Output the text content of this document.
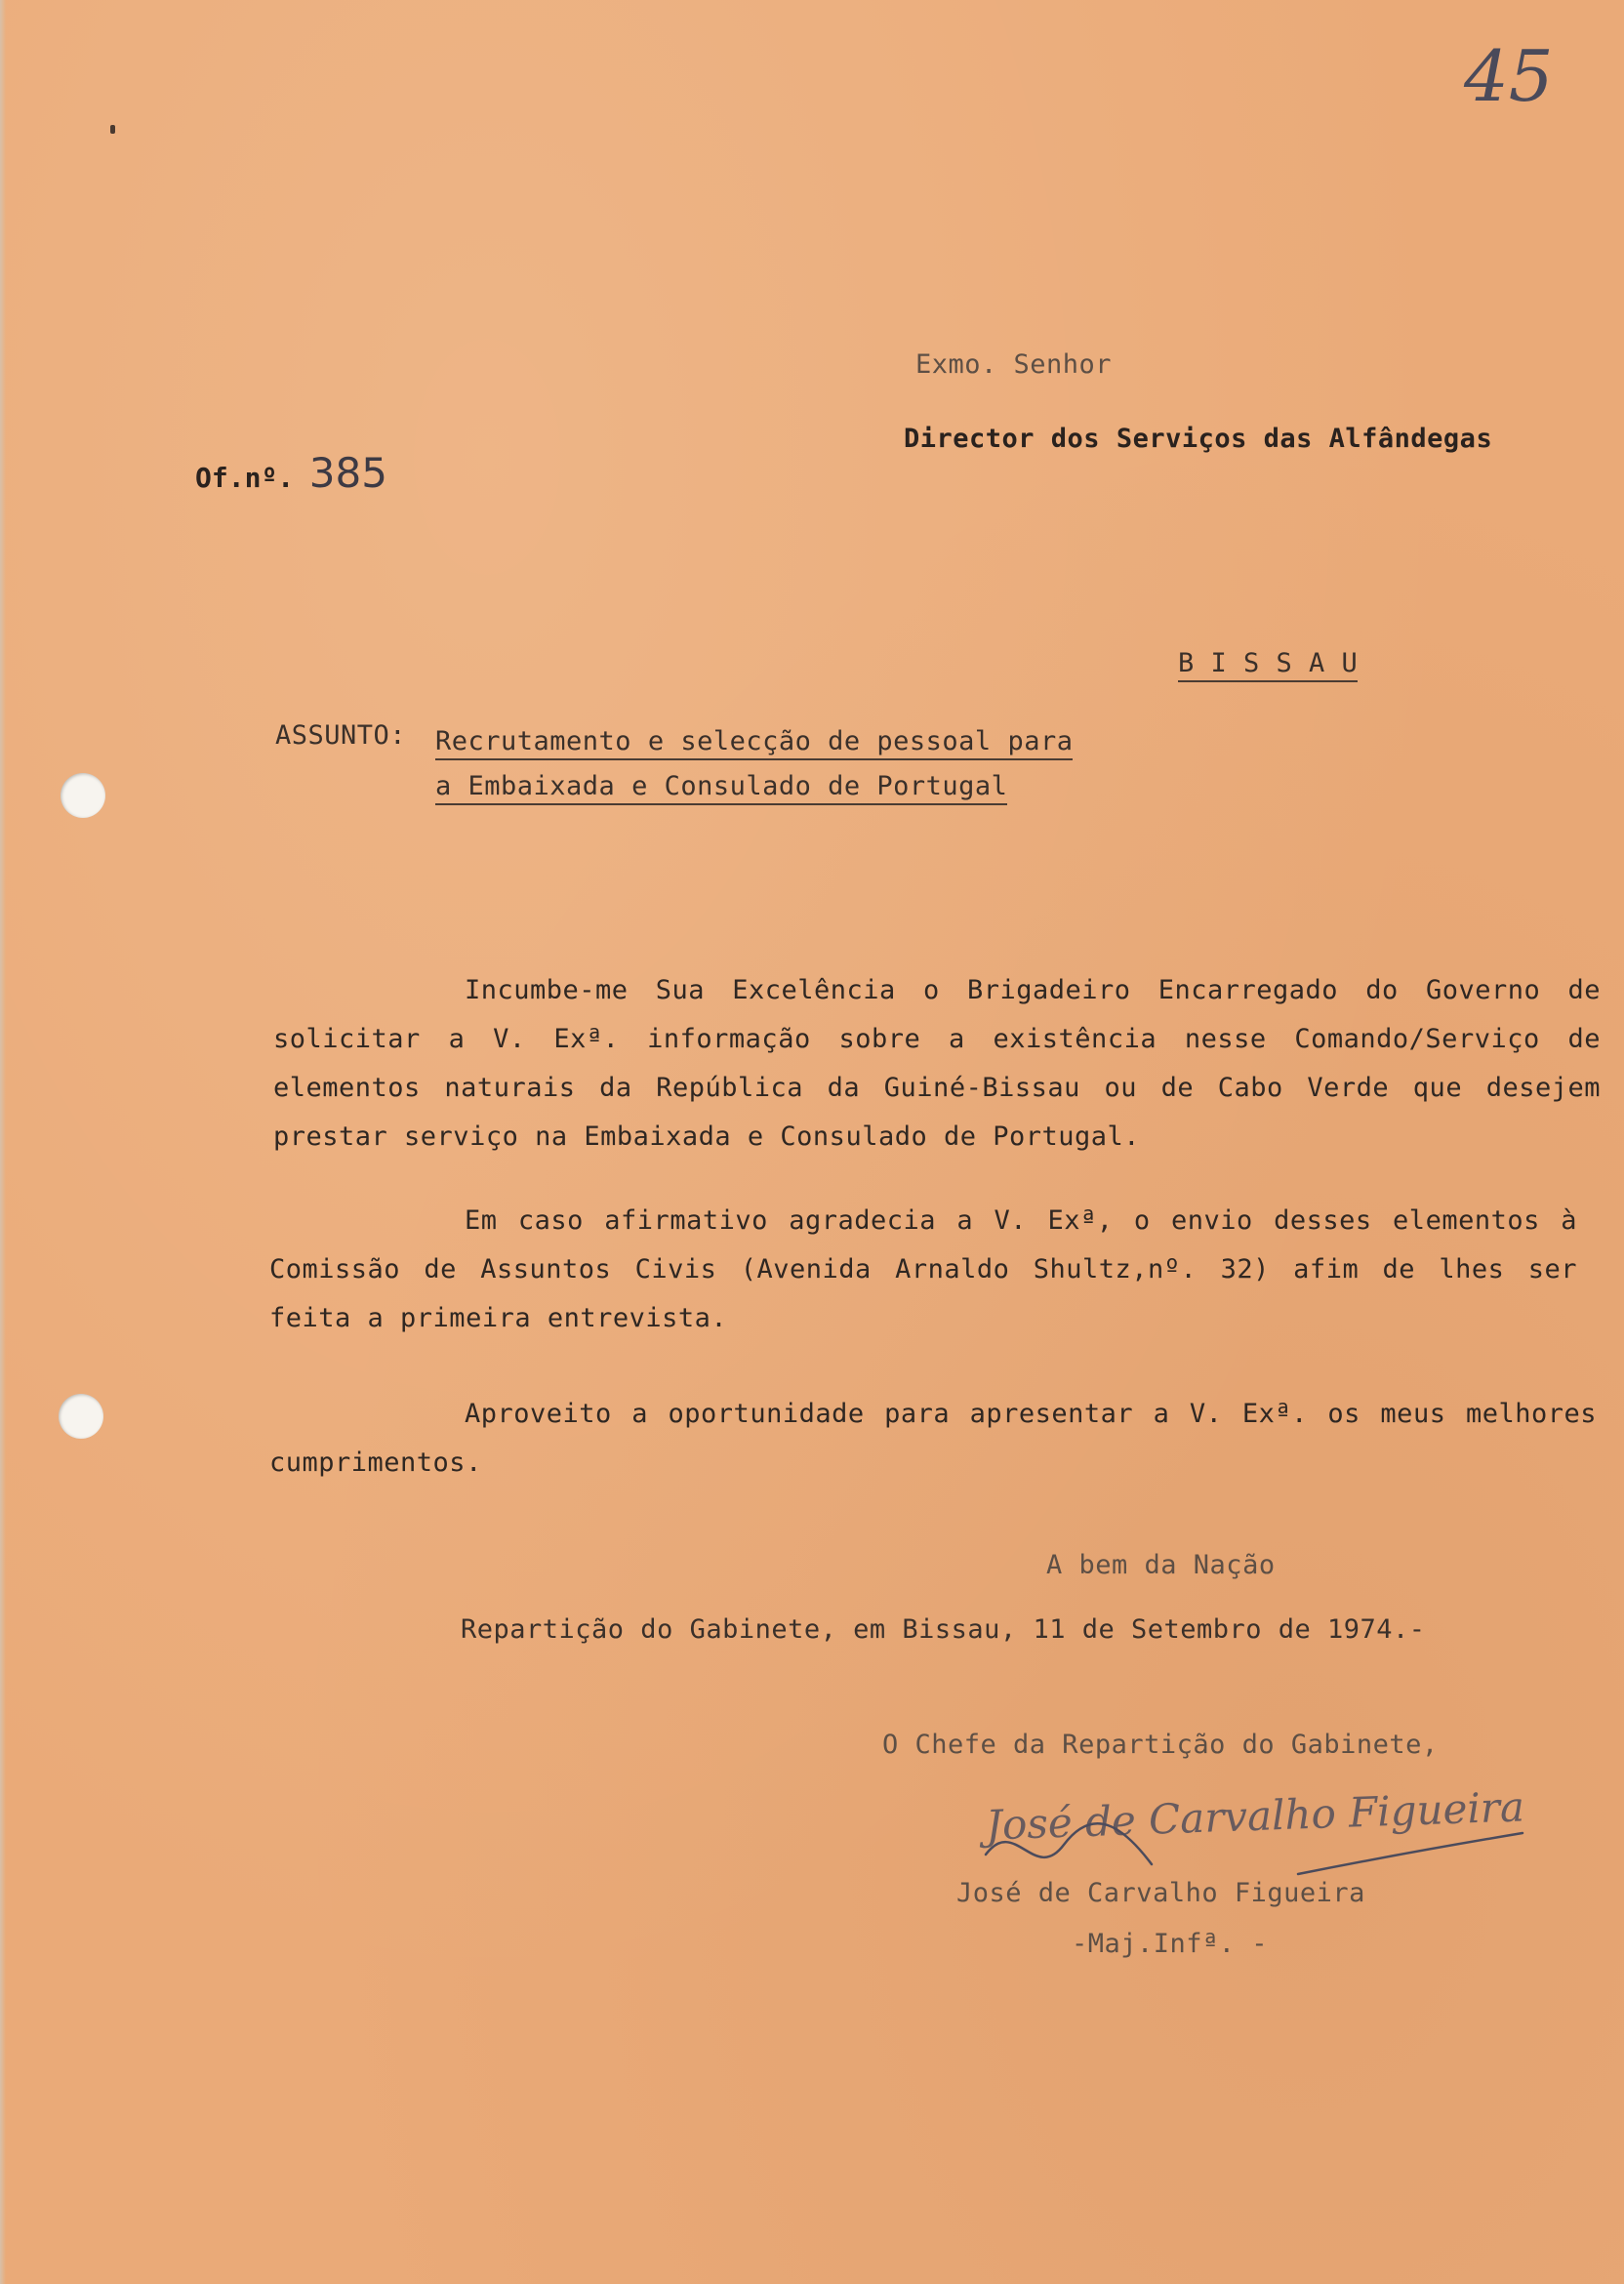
45
Of.nº. 385
Exmo. Senhor
Director dos Serviços das Alfândegas
B I S S A U
ASSUNTO: Recrutamento e selecção de pessoal para
a Embaixada e Consulado de Portugal
Incumbe-me Sua Excelência o Brigadeiro Encarregado do Governo de solicitar a V. Exª. informação sobre a existência nesse Comando/Serviço de elementos naturais da República da Guiné-Bissau ou de Cabo Verde que desejem prestar serviço na Embaixada e Consulado de Portugal.
Em caso afirmativo agradecia a V. Exª, o envio desses elementos à Comissão de Assuntos Civis (Avenida Arnaldo Shultz,nº. 32) afim de lhes ser feita a primeira entrevista.
Aproveito a oportunidade para apresentar a V. Exª. os meus melhores cumprimentos.
A bem da Nação
Repartição do Gabinete, em Bissau, 11 de Setembro de 1974.-
O Chefe da Repartição do Gabinete,
José de Carvalho Figueira
José de Carvalho Figueira
-Maj.Infª. -
